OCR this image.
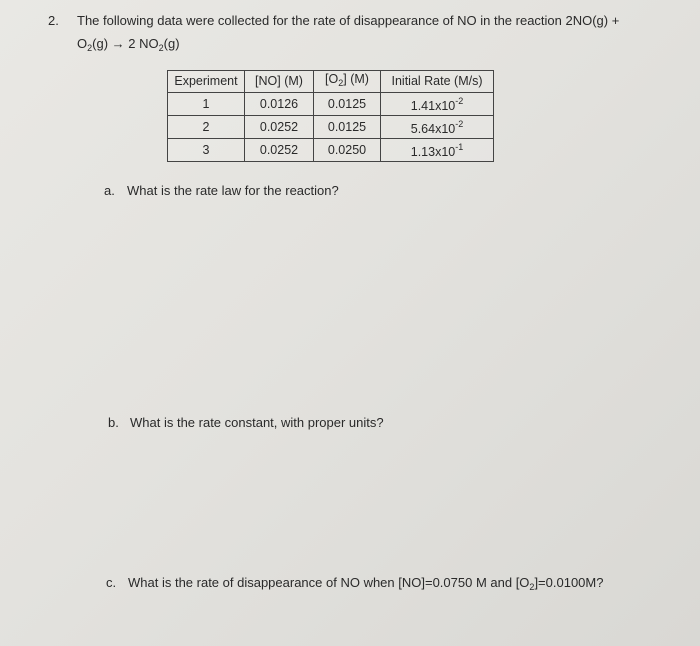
2. The following data were collected for the rate of disappearance of NO in the reaction 2NO(g) +
$O_2(g) \to 2$ $NO_2(g)$
Experiment	[NO] (M)	$[O_2]$ (M)	Initial Rate (M/s)
1	0.0126	0.0125	$1.41x10^{-2}$
2	0.0252	0.0125	$5.64x10^{-2}$
3	0.0252	0.0250	$1.13x10^{-1}$
a. What is the rate law for the reaction?
b. What is the rate constant, with proper units?
c. What is the rate of disappearance of NO when [NO]=0.0750 M and $[O_2]=0.0100M$?
